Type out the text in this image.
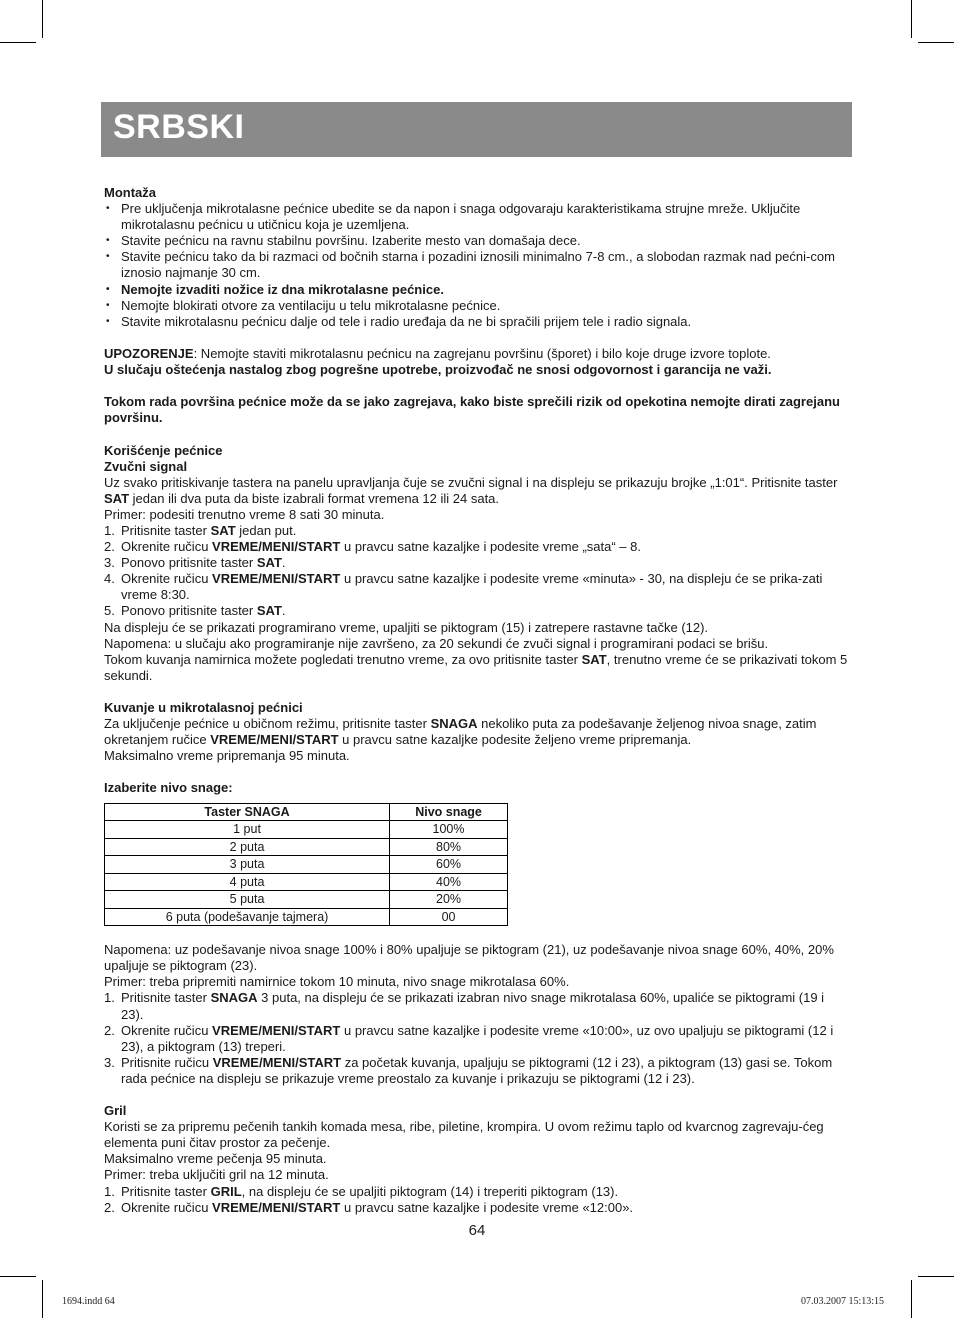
SRBSKI

Montaža

• Pre uključenja mikrotalasne pećnice ubedite se da napon i snaga odgovaraju karakteristikama strujne mreže. Uključite mikrotalasnu pećnicu u utičnicu koja je uzemljena.

• Stavite pećnicu na ravnu stabilnu površinu. Izaberite mesto van domašaja dece.

• Stavite pećnicu tako da bi razmaci od bočnih starna i pozadini iznosili minimalno 7-8 cm., a slobodan razmak nad pećni-com iznosio najmanje 30 cm.

• Nemojte izvaditi nožice iz dna mikrotalasne pećnice.

• Nemojte blokirati otvore za ventilaciju u telu mikrotalasne pećnice.

• Stavite mikrotalasnu pećnicu dalje od tele i radio uređaja da ne bi spračili prijem tele i radio signala.

UPOZORENJE: Nemojte staviti mikrotalasnu pećnicu na zagrejanu površinu (šporet) i bilo koje druge izvore toplote.

U slučaju oštećenja nastalog zbog pogrešne upotrebe, proizvođač ne snosi odgovornost i garancija ne važi.

Tokom rada površina pećnice može da se jako zagrejava, kako biste sprečili rizik od opekotina nemojte dirati zagrejanu površinu.

Korišćenje pećnice

Zvučni signal

Uz svako pritiskivanje tastera na panelu upravljanja čuje se zvučni signal i na displeju se prikazuju brojke „1:01“. Pritisnite taster SAT jedan ili dva puta da biste izabrali format vremena 12 ili 24 sata.

Primer: podesiti trenutno vreme 8 sati 30 minuta.

1. Pritisnite taster SAT jedan put.

2. Okrenite ručicu VREME/MENI/START u pravcu satne kazaljke i podesite vreme „sata“ – 8.

3. Ponovo pritisnite taster SAT.

4. Okrenite ručicu VREME/MENI/START u pravcu satne kazaljke i podesite vreme «minuta» - 30, na displeju će se prika-zati vreme 8:30.

5. Ponovo pritisnite taster SAT.

Na displeju će se prikazati programirano vreme, upaljiti se piktogram (15) i zatrepere rastavne tačke (12).

Napomena: u slučaju ako programiranje nije završeno, za 20 sekundi će zvuči signal i programirani podaci se brišu.

Tokom kuvanja namirnica možete pogledati trenutno vreme, za ovo pritisnite taster SAT, trenutno vreme će se prikazivati tokom 5 sekundi.

Kuvanje u mikrotalasnoj pećnici

Za uključenje pećnice u običnom režimu, pritisnite taster SNAGA nekoliko puta za podešavanje željenog nivoa snage, zatim okretanjem ručice VREME/MENI/START u pravcu satne kazaljke podesite željeno vreme pripremanja.

Maksimalno vreme pripremanja 95 minuta.

Izaberite nivo snage:

Taster SNAGA	Nivo snage
1 put	100%
2 puta	80%
3 puta	60%
4 puta	40%
5 puta	20%
6 puta (podešavanje tajmera)	00

Napomena: uz podešavanje nivoa snage 100% i 80% upaljuje se piktogram (21), uz podešavanje nivoa snage 60%, 40%, 20% upaljuje se piktogram (23).

Primer: treba pripremiti namirnice tokom 10 minuta, nivo snage mikrotalasa 60%.

1. Pritisnite taster SNAGA 3 puta, na displeju će se prikazati izabran nivo snage mikrotalasa 60%, upaliće se piktogrami (19 i 23).

2. Okrenite ručicu VREME/MENI/START u pravcu satne kazaljke i podesite vreme «10:00», uz ovo upaljuju se piktogrami (12 i 23), a piktogram (13) treperi.

3. Pritisnite ručicu VREME/MENI/START za početak kuvanja, upaljuju se piktogrami (12 i 23), a piktogram (13) gasi se. Tokom rada pećnice na displeju se prikazuje vreme preostalo za kuvanje i prikazuju se piktogrami (12 i 23).

Gril

Koristi se za pripremu pečenih tankih komada mesa, ribe, piletine, krompira. U ovom režimu taplo od kvarcnog zagrevaju-ćeg elementa puni čitav prostor za pečenje.

Maksimalno vreme pečenja 95 minuta.

Primer: treba uključiti gril na 12 minuta.

1. Pritisnite taster GRIL, na displeju će se upaljiti piktogram (14) i treperiti piktogram (13).

2. Okrenite ručicu VREME/MENI/START u pravcu satne kazaljke i podesite vreme «12:00».

64
1694.indd 64	07.03.2007 15:13:15
